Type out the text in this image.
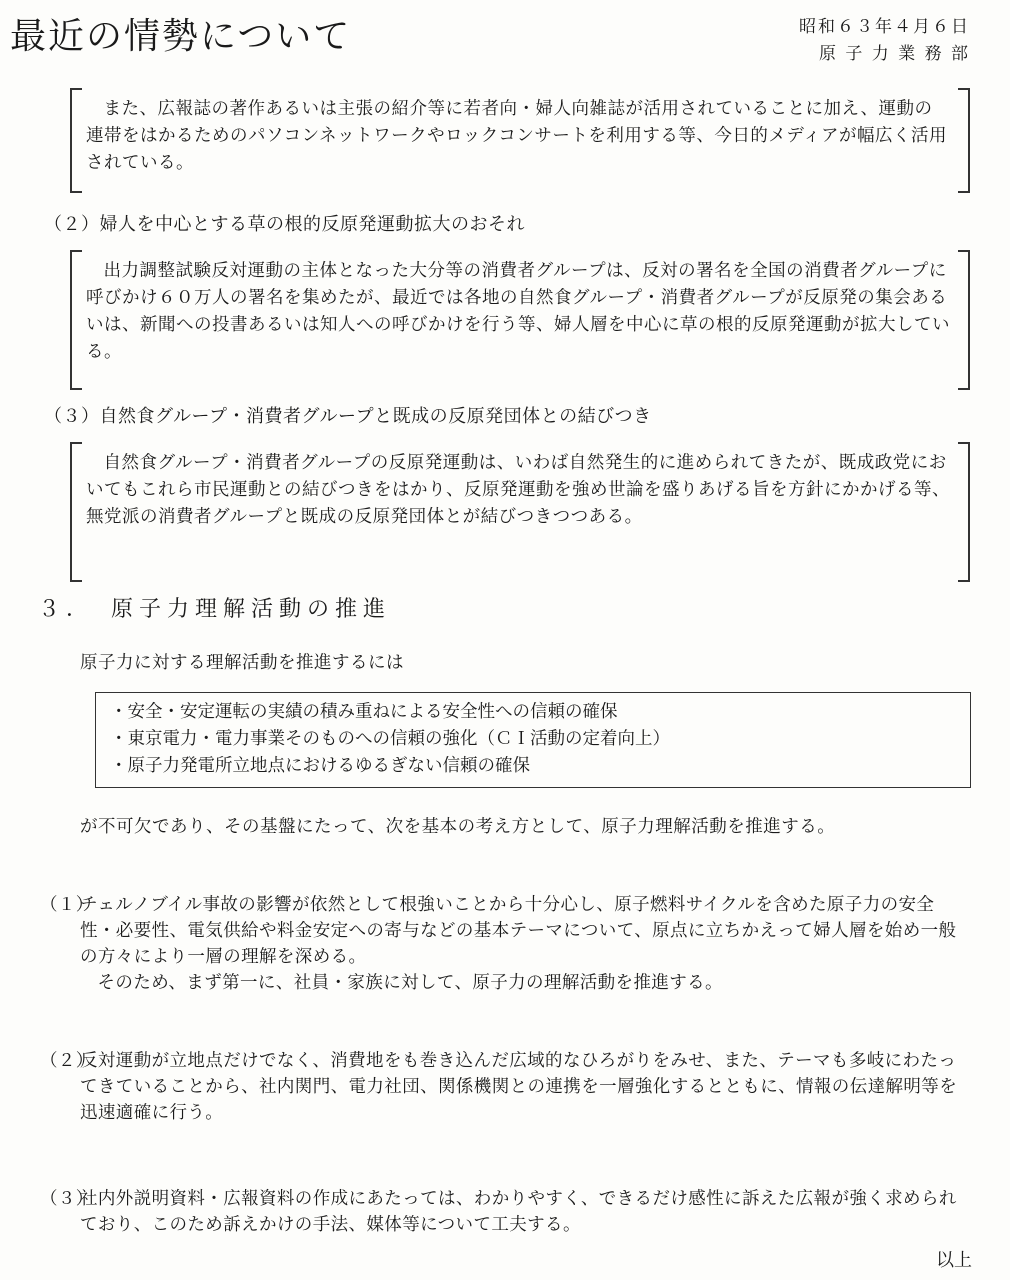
最近の情勢について	昭和６３年４月６日
原 子 力 業 務 部

また、広報誌の著作あるいは主張の紹介等に若者向・婦人向雑誌が活用されていることに加え、運動の連帯をはかるためのパソコンネットワークやロックコンサートを利用する等、今日的メディアが幅広く活用されている。

（２）婦人を中心とする草の根的反原発運動拡大のおそれ

出力調整試験反対運動の主体となった大分等の消費者グループは、反対の署名を全国の消費者グループに呼びかけ６０万人の署名を集めたが、最近では各地の自然食グループ・消費者グループが反原発の集会あるいは、新聞への投書あるいは知人への呼びかけを行う等、婦人層を中心に草の根的反原発運動が拡大している。

（３）自然食グループ・消費者グループと既成の反原発団体との結びつき

自然食グループ・消費者グループの反原発運動は、いわば自然発生的に進められてきたが、既成政党においてもこれら市民運動との結びつきをはかり、反原発運動を強め世論を盛りあげる旨を方針にかかげる等、無党派の消費者グループと既成の反原発団体とが結びつきつつある。

３．　原子力理解活動の推進
原子力に対する理解活動を推進するには
・安全・安定運転の実績の積み重ねによる安全性への信頼の確保
・東京電力・電力事業そのものへの信頼の強化（ＣＩ活動の定着向上）
・原子力発電所立地点におけるゆるぎない信頼の確保
が不可欠であり、その基盤にたって、次を基本の考え方として、原子力理解活動を推進する。
（１）
チェルノブイル事故の影響が依然として根強いことから十分心し、原子燃料サイクルを含めた原子力の安全性・必要性、電気供給や料金安定への寄与などの基本テーマについて、原点に立ちかえって婦人層を始め一般の方々により一層の理解を深める。
そのため、まず第一に、社員・家族に対して、原子力の理解活動を推進する。
（２）
反対運動が立地点だけでなく、消費地をも巻き込んだ広域的なひろがりをみせ、また、テーマも多岐にわたってきていることから、社内関門、電力社団、関係機関との連携を一層強化するとともに、情報の伝達解明等を迅速適確に行う。
（３）
社内外説明資料・広報資料の作成にあたっては、わかりやすく、できるだけ感性に訴えた広報が強く求められており、このため訴えかけの手法、媒体等について工夫する。
以上
